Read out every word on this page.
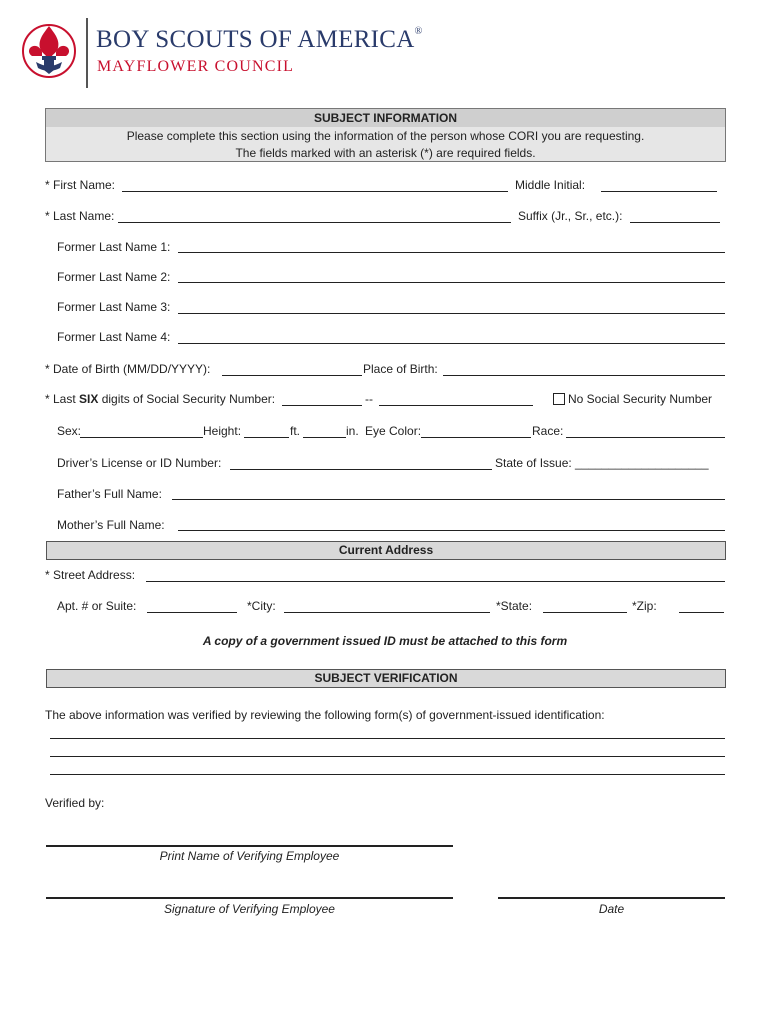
BOY SCOUTS OF AMERICA®
MAYFLOWER COUNCIL
SUBJECT INFORMATION
Please complete this section using the information of the person whose CORI you are requesting.
The fields marked with an asterisk (*) are required fields.
* First Name:	Middle Initial:
* Last Name:	Suffix (Jr., Sr., etc.):
Former Last Name 1:
Former Last Name 2:
Former Last Name 3:
Former Last Name 4:
* Date of Birth (MM/DD/YYYY):	Place of Birth:
* Last SIX digits of Social Security Number:	--	No Social Security Number
Sex:	Height:	ft.	in. Eye Color:	Race:
Driver’s License or ID Number:	State of Issue: ____________________
Father’s Full Name:
Mother’s Full Name:
Current Address
* Street Address:
Apt. # or Suite:	*City:	*State:	*Zip:
A copy of a government issued ID must be attached to this form
SUBJECT VERIFICATION
The above information was verified by reviewing the following form(s) of government-issued identification:
Verified by:
Print Name of Verifying Employee
Signature of Verifying Employee	Date
